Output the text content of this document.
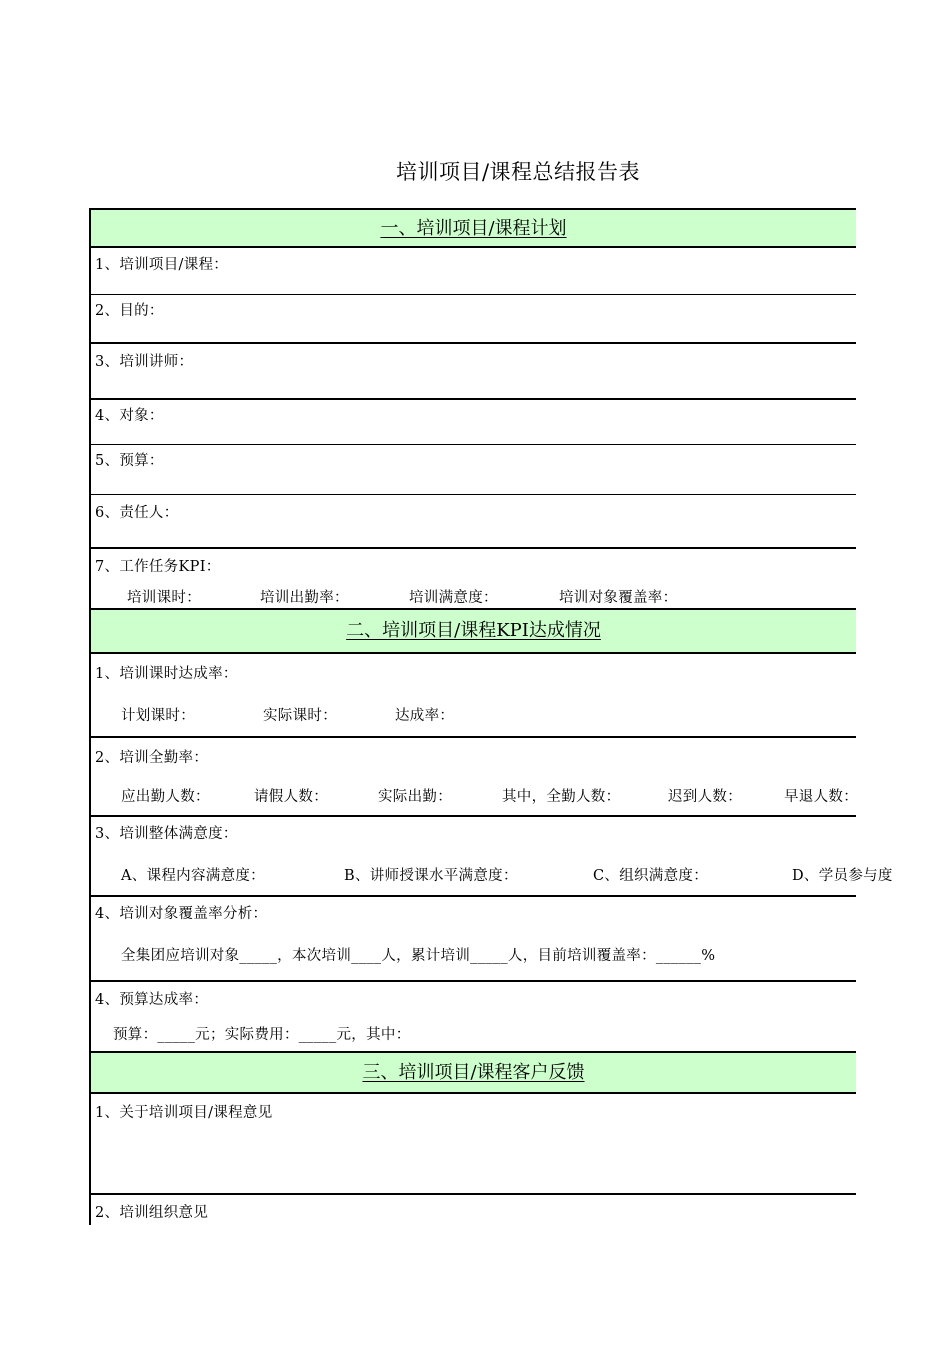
培训项目/课程总结报告表
一、培训项目/课程计划
1、培训项目/课程：
2、目的：
3、培训讲师：
4、对象：
5、预算：
6、责任人：
7、工作任务KPI：
培训课时：	培训出勤率：	培训满意度：	培训对象覆盖率：
二、培训项目/课程KPI达成情况
1、培训课时达成率：
计划课时：	实际课时：	达成率：
2、培训全勤率：
应出勤人数：	请假人数：	实际出勤：	其中，全勤人数：	迟到人数：	早退人数：
3、培训整体满意度：
A、课程内容满意度：	B、讲师授课水平满意度：	C、组织满意度：	D、学员参与度
4、培训对象覆盖率分析：
全集团应培训对象_____，本次培训____人，累计培训_____人，目前培训覆盖率：______%
4、预算达成率：
预算：_____元；实际费用：_____元，其中：
三、培训项目/课程客户反馈
1、关于培训项目/课程意见
2、培训组织意见
